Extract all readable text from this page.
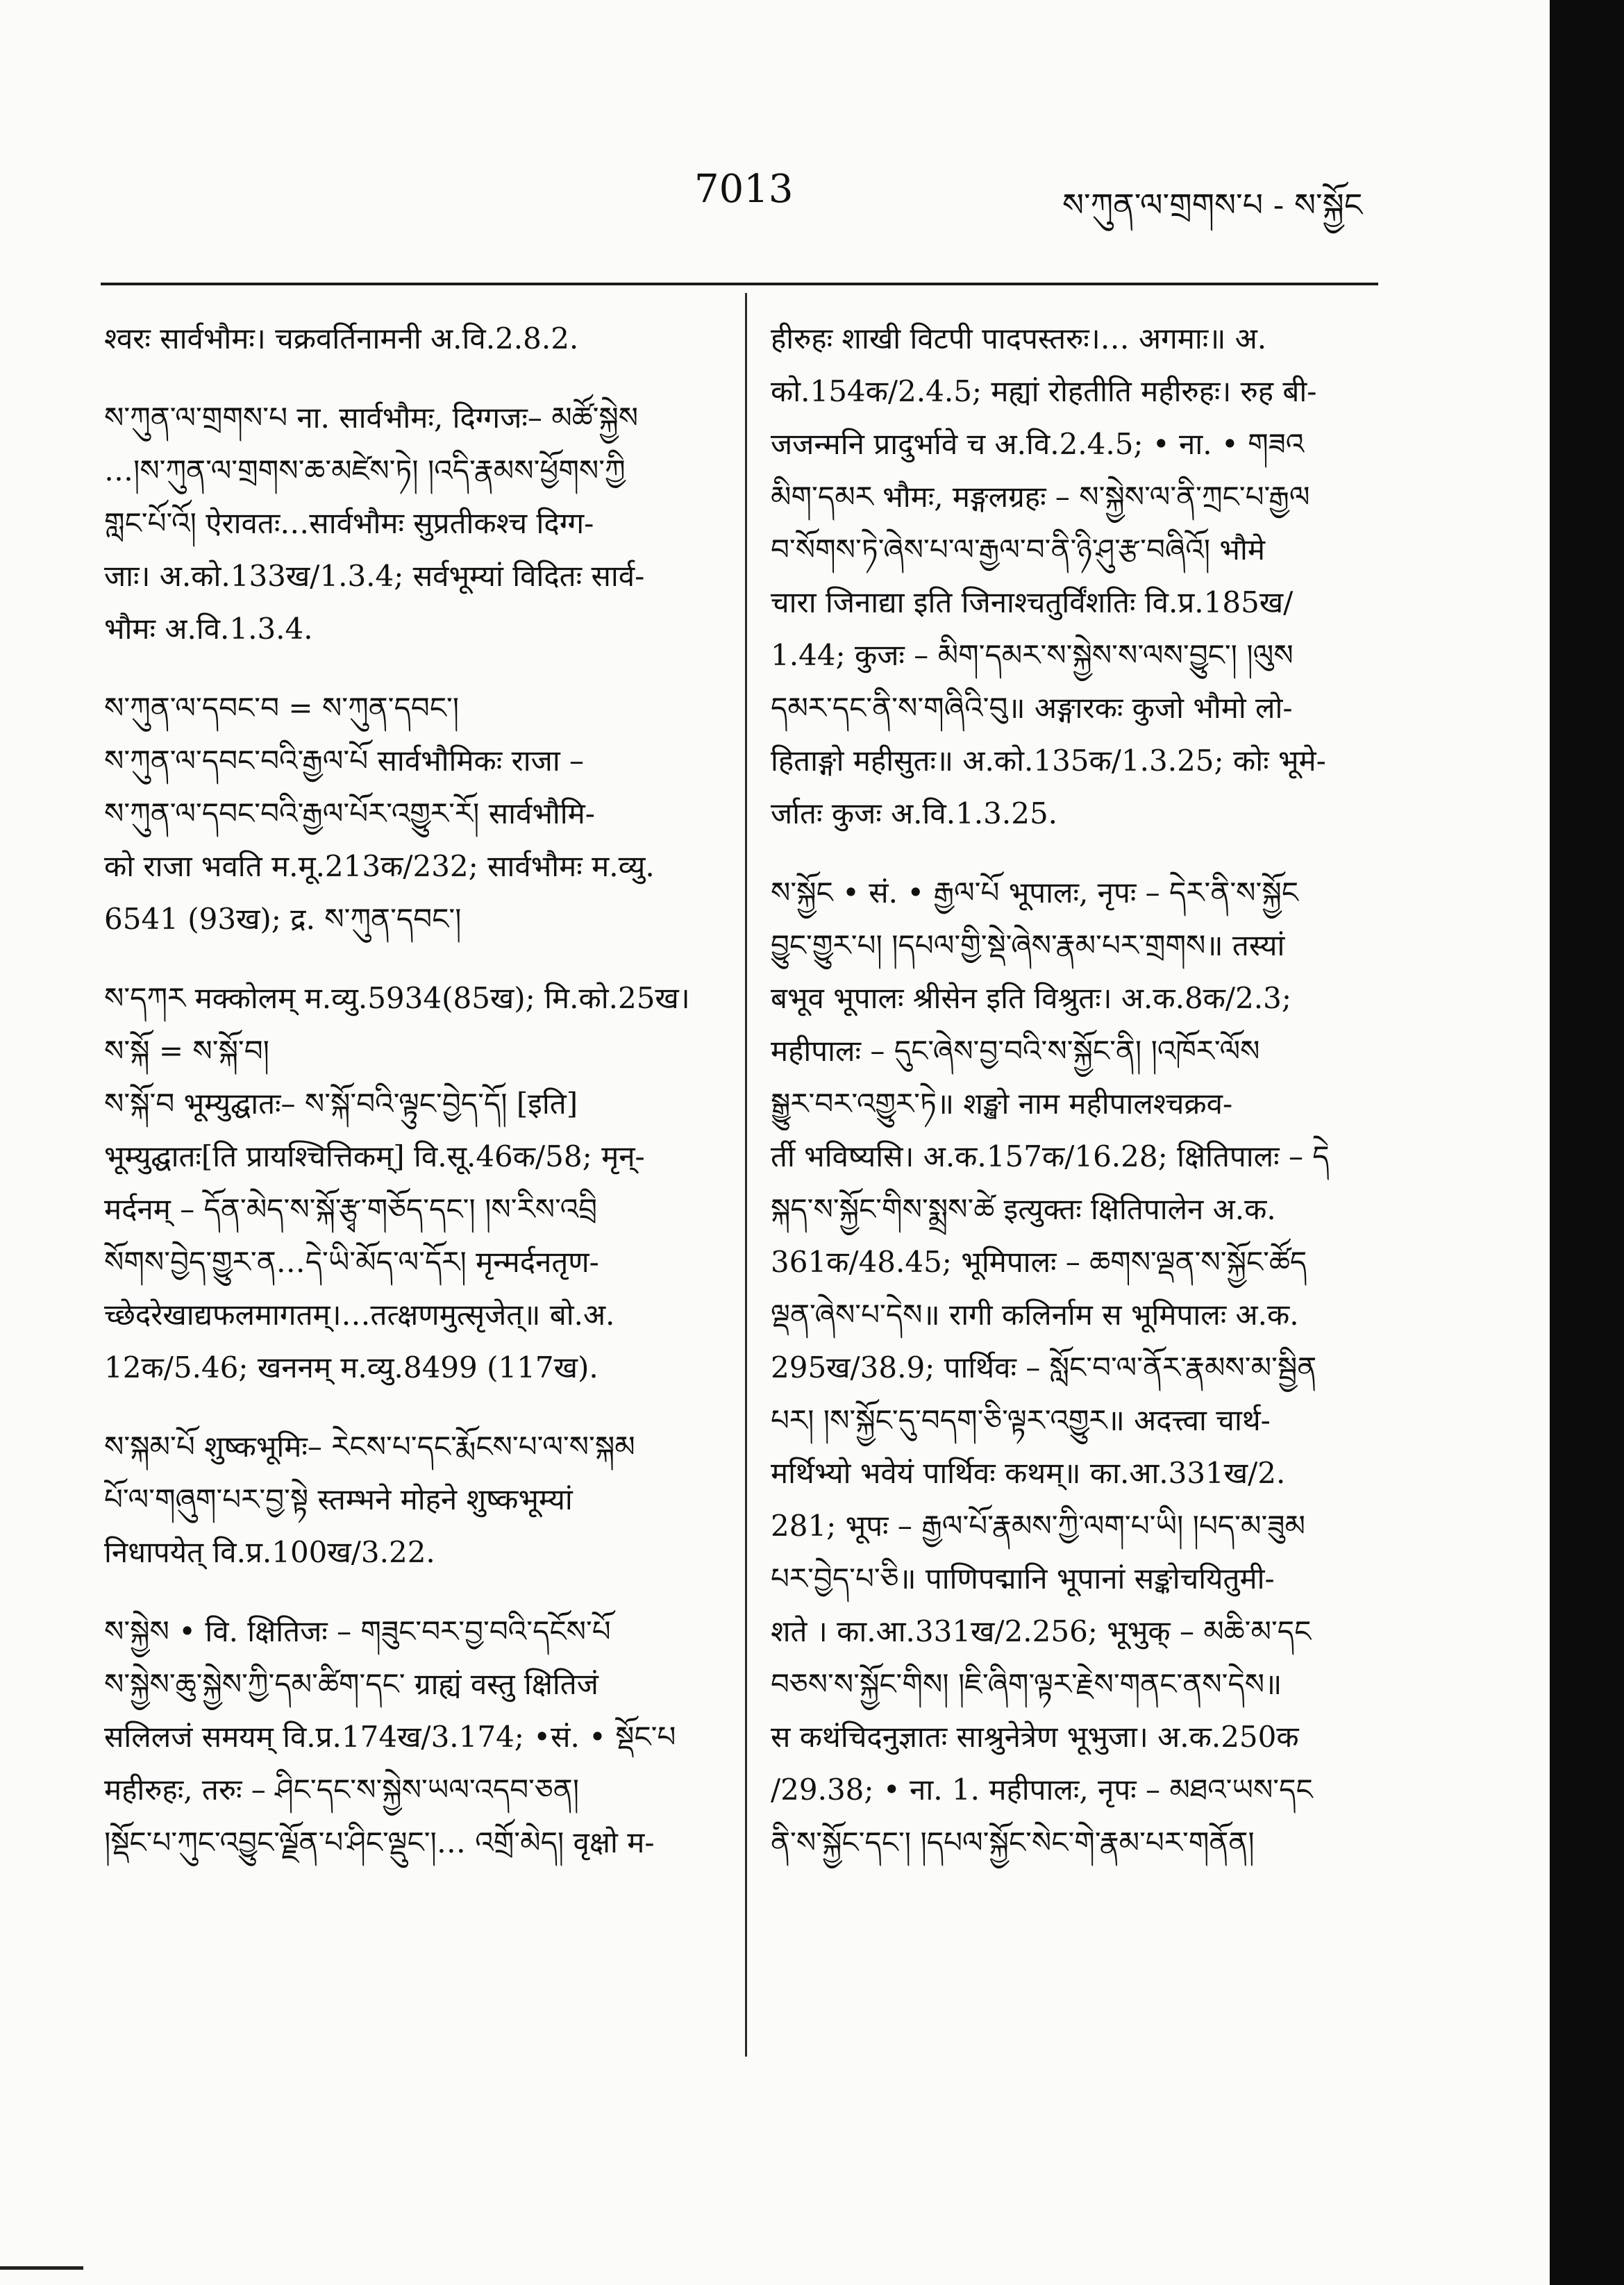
7013	ས་ཀུན་ལ་གྲགས་པ - ས་སྐྱོང
श्वरः सार्वभौमः। चक्रवर्तिनामनी अ.वि.2.8.2.
ས་ཀུན་ལ་གྲགས་པ ना. सार्वभौमः, दिग्गजः– མཚོ་སྐྱེས
…།ས་ཀུན་ལ་གྲགས་ཆ་མཛེས་ཏེ། །འདི་རྣམས་ཕྱོགས་ཀྱི
གླང་པོ་འོ། ऐरावतः…सार्वभौमः सुप्रतीकश्च दिग्ग-
जाः। अ.को.133ख/1.3.4; सर्वभूम्यां विदितः सार्व-
भौमः अ.वि.1.3.4.
ས་ཀུན་ལ་དབང་བ = ས་ཀུན་དབང་།
ས་ཀུན་ལ་དབང་བའི་རྒྱལ་པོ सार्वभौमिकः राजा –
ས་ཀུན་ལ་དབང་བའི་རྒྱལ་པོར་འགྱུར་རོ། सार्वभौमि-
को राजा भवति म.मू.213क/232; सार्वभौमः म.व्यु.
6541 (93ख); द्र. ས་ཀུན་དབང་།
ས་དཀར मक्कोलम् म.व्यु.5934(85ख); मि.को.25ख।
ས་སྐོ = ས་སྐོ་བ།
ས་སྐོ་བ भूम्युद्घातः– ས་སྐོ་བའི་ལྟུང་བྱེད་དོ། [इति]
भूम्युद्घातः[ति प्रायश्चित्तिकम्] वि.सू.46क/58; मृन्-
मर्दनम् – དོན་མེད་ས་སྐོ་རྩྭ་གཅོད་དང་། །ས་རིས་འབྲི
སོགས་བྱེད་གྱུར་ན…དེ་ཡི་མོད་ལ་དོར། मृन्मर्दनतृण-
च्छेदरेखाद्यफलमागतम्।…तत्क्षणमुत्सृजेत्॥ बो.अ.
12क/5.46; खननम् म.व्यु.8499 (117ख).
ས་སྐམ་པོ शुष्कभूमिः– རེངས་པ་དང་རྨོངས་པ་ལ་ས་སྐམ
པོ་ལ་གཞུག་པར་བྱ་སྟེ स्तम्भने मोहने शुष्कभूम्यां
निधापयेत् वि.प्र.100ख/3.22.
ས་སྐྱེས • वि. क्षितिजः – གཟུང་བར་བྱ་བའི་དངོས་པོ
ས་སྐྱེས་ཆུ་སྐྱེས་ཀྱི་དམ་ཚིག་དང་ ग्राह्यं वस्तु क्षितिजं
सलिलजं समयम् वि.प्र.174ख/3.174; •सं. • སྡོང་པ
महीरुहः, तरुः – ཤིང་དང་ས་སྐྱེས་ཡལ་འདབ་ཅན།
།སྡོང་པ་ཀུང་འབྱུང་ལྗོན་པ་ཤིང་ལྡུང་།… འགྲོ་མེད། वृक्षो म-
हीरुहः शाखी विटपी पादपस्तरुः।… अगमाः॥ अ.
को.154क/2.4.5; मह्यां रोहतीति महीरुहः। रुह बी-
जजन्मनि प्रादुर्भावे च अ.वि.2.4.5; • ना. • གཟའ
མིག་དམར भौमः, मङ्गलग्रहः – ས་སྐྱེས་ལ་ནི་ཀྲང་པ་རྒྱལ
བ་སོགས་ཏེ་ཞེས་པ་ལ་རྒྱལ་བ་ནི་ཉི་ཤུ་རྩ་བཞིའོ། भौमे
चारा जिनाद्या इति जिनाश्चतुर्विंशतिः वि.प्र.185ख/
1.44; कुजः – མིག་དམར་ས་སྐྱེས་ས་ལས་བྱུང་། །ལུས
དམར་དང་ནི་ས་གཞིའི་བུ॥ अङ्गारकः कुजो भौमो लो-
हिताङ्गो महीसुतः॥ अ.को.135क/1.3.25; कोः भूमे-
र्जातः कुजः अ.वि.1.3.25.
ས་སྐྱོང • सं. • རྒྱལ་པོ भूपालः, नृपः – དེར་ནི་ས་སྐྱོང
བྱུང་གྱུར་པ། །དཔལ་གྱི་སྡེ་ཞེས་རྣམ་པར་གྲགས॥ तस्यां
बभूव भूपालः श्रीसेन इति विश्रुतः। अ.क.8क/2.3;
महीपालः – དུང་ཞེས་བྱ་བའི་ས་སྐྱོང་ནི། །འཁོར་ལོས
སྒྱུར་བར་འགྱུར་ཏེ॥ शङ्खो नाम महीपालश्चक्रव-
र्ती भविष्यसि। अ.क.157क/16.28; क्षितिपालः – དེ
སྐད་ས་སྐྱོང་གིས་སྨྲས་ཚེ इत्युक्तः क्षितिपालेन अ.क.
361क/48.45; भूमिपालः – ཆགས་ལྡན་ས་སྐྱོང་ཚོད
ལྡན་ཞེས་པ་དེས॥ रागी कलिर्नाम स भूमिपालः अ.क.
295ख/38.9; पार्थिवः – སློང་བ་ལ་ནོར་རྣམས་མ་སྦྱིན
པར། །ས་སྐྱོང་དུ་བདག་ཅི་ལྟར་འགྱུར॥ अदत्त्वा चार्थ-
मर्थिभ्यो भवेयं पार्थिवः कथम्॥ का.आ.331ख/2.
281; भूपः – རྒྱལ་པོ་རྣམས་ཀྱི་ལག་པ་ཡི། །པད་མ་ཟུམ
པར་བྱེད་པ་ཅི॥ पाणिपद्मानि भूपानां सङ्कोचयितुमी-
शते । का.आ.331ख/2.256; भूभुक् – མཆི་མ་དང
བཅས་ས་སྐྱོང་གིས། །ཇི་ཞིག་ལྟར་རྗེས་གནང་ནས་དེས॥
स कथंचिदनुज्ञातः साश्रुनेत्रेण भूभुजा। अ.क.250क
/29.38; • ना. 1. महीपालः, नृपः – མཐའ་ཡས་དང
ནི་ས་སྐྱོང་དང་། །དཔལ་སྐྱོང་སེང་གེ་རྣམ་པར་གནོན།
